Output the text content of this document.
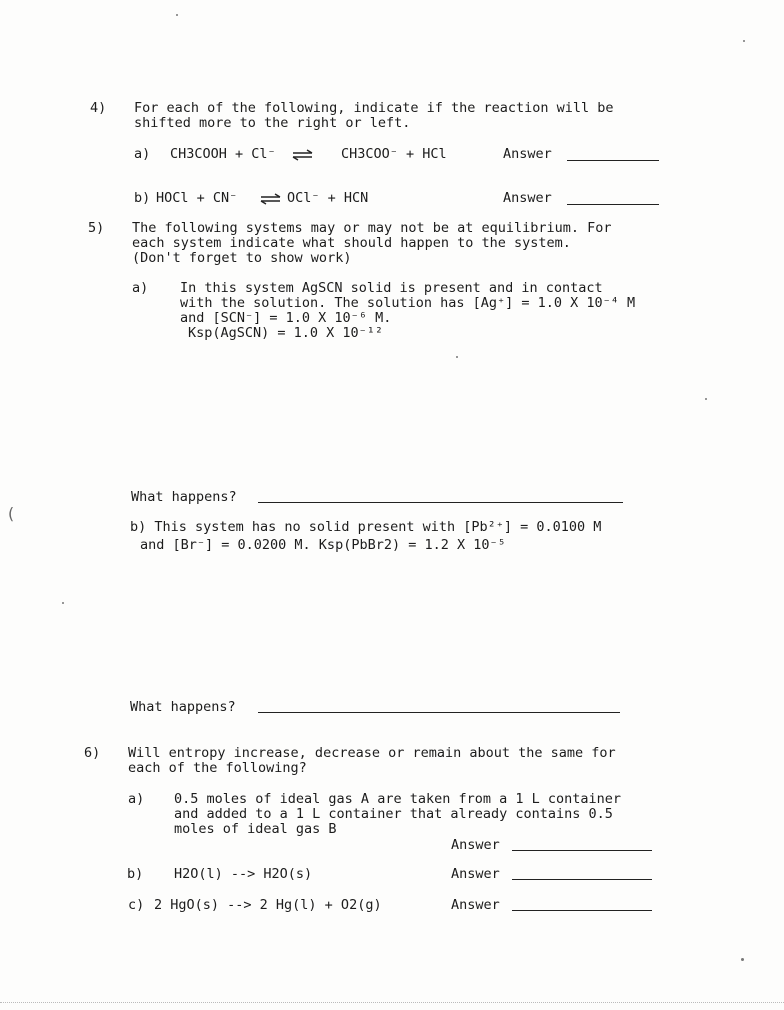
(
4) For each of the following, indicate if the reaction will be
shifted more to the right or left.
a) CH3COOH + Cl⁻ ⇌ CH3COO⁻ + HCl	Answer
b) HOCl + CN⁻ ⇌ OCl⁻ + HCN	Answer
5) The following systems may or may not be at equilibrium. For
each system indicate what should happen to the system.
(Don't forget to show work)
a) In this system AgSCN solid is present and in contact
with the solution. The solution has [Ag⁺] = 1.0 X 10⁻⁴ M
and [SCN⁻] = 1.0 X 10⁻⁶ M.
Ksp(AgSCN) = 1.0 X 10⁻¹²
What happens?
b) This system has no solid present with [Pb²⁺] = 0.0100 M
and [Br⁻] = 0.0200 M. Ksp(PbBr2) = 1.2 X 10⁻⁵
What happens?
6) Will entropy increase, decrease or remain about the same for
each of the following?
a) 0.5 moles of ideal gas A are taken from a 1 L container
and added to a 1 L container that already contains 0.5
moles of ideal gas B
Answer
b) H2O(l) --> H2O(s)	Answer
c) 2 HgO(s) --> 2 Hg(l) + O2(g)	Answer
